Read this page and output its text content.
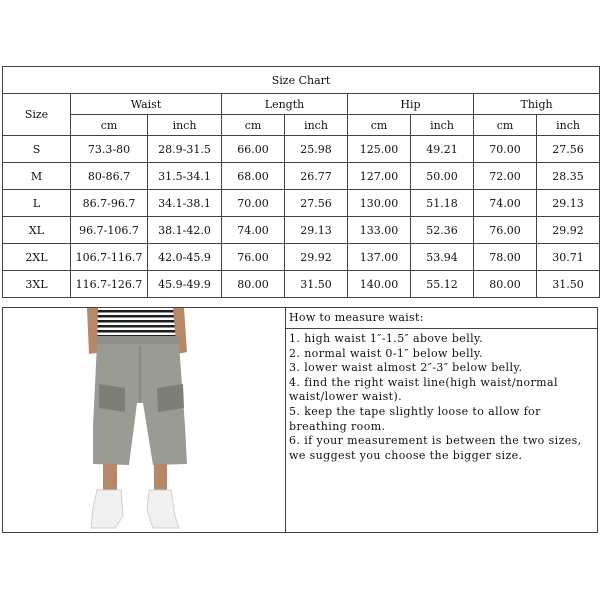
Size Chart								
Size	Waist		Length		Hip		Thigh	
	cm	inch	cm	inch	cm	inch	cm	inch
S	73.3-80	28.9-31.5	66.00	25.98	125.00	49.21	70.00	27.56
M	80-86.7	31.5-34.1	68.00	26.77	127.00	50.00	72.00	28.35
L	86.7-96.7	34.1-38.1	70.00	27.56	130.00	51.18	74.00	29.13
XL	96.7-106.7	38.1-42.0	74.00	29.13	133.00	52.36	76.00	29.92
2XL	106.7-116.7	42.0-45.9	76.00	29.92	137.00	53.94	78.00	30.71
3XL	116.7-126.7	45.9-49.9	80.00	31.50	140.00	55.12	80.00	31.50
How to measure waist:
1. high waist 1″-1.5″ above belly.
2. normal waist 0-1″ below belly.
3. lower waist almost 2″-3″ below belly.
4. find the right waist line(high waist/normal waist/lower waist).
5. keep the tape slightly loose to allow for breathing room.
6. if your measurement is between the two sizes, we suggest you choose the bigger size.
